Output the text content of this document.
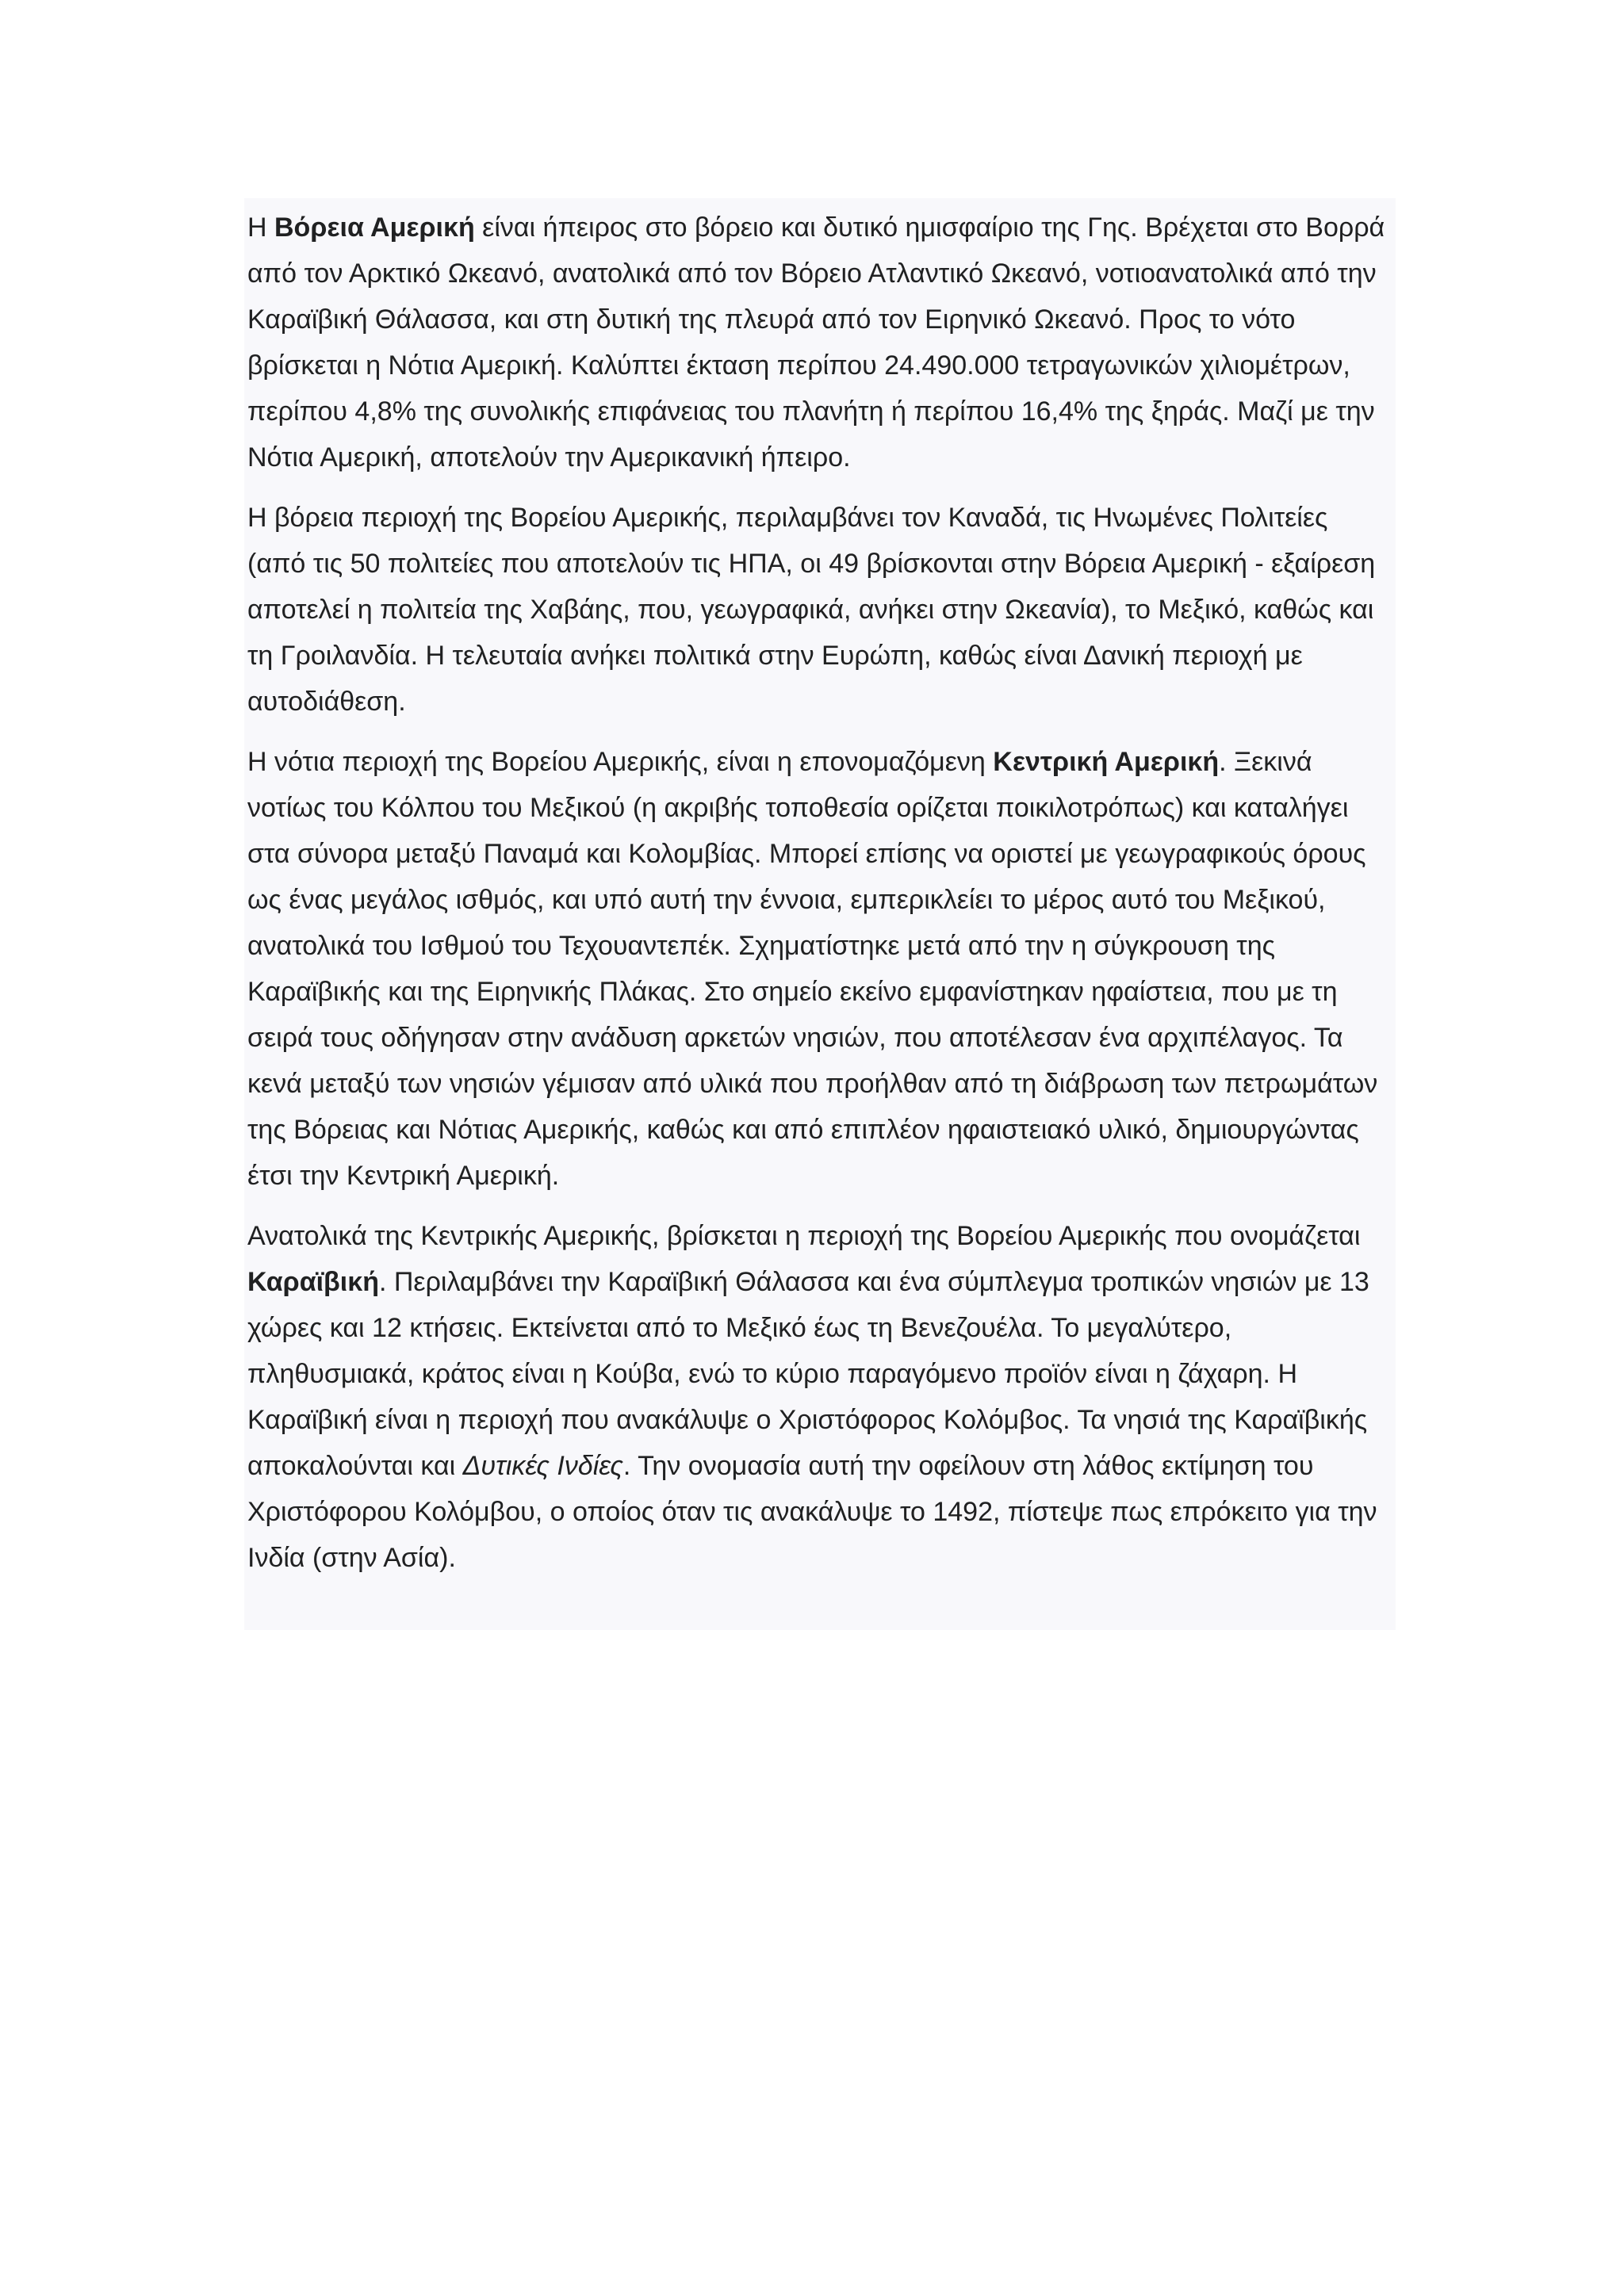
Η Βόρεια Αμερική είναι ήπειρος στο βόρειο και δυτικό ημισφαίριο της Γης. Βρέχεται στο Βορρά από τον Αρκτικό Ωκεανό, ανατολικά από τον Βόρειο Ατλαντικό Ωκεανό, νοτιοανατολικά από την Καραϊβική Θάλασσα, και στη δυτική της πλευρά από τον Ειρηνικό Ωκεανό. Προς το νότο βρίσκεται η Νότια Αμερική. Καλύπτει έκταση περίπου 24.490.000 τετραγωνικών χιλιομέτρων, περίπου 4,8% της συνολικής επιφάνειας του πλανήτη ή περίπου 16,4% της ξηράς. Μαζί με την Νότια Αμερική, αποτελούν την Αμερικανική ήπειρο.

Η βόρεια περιοχή της Βορείου Αμερικής, περιλαμβάνει τον Καναδά, τις Ηνωμένες Πολιτείες (από τις 50 πολιτείες που αποτελούν τις ΗΠΑ, οι 49 βρίσκονται στην Βόρεια Αμερική - εξαίρεση αποτελεί η πολιτεία της Χαβάης, που, γεωγραφικά, ανήκει στην Ωκεανία), το Μεξικό, καθώς και τη Γροιλανδία. Η τελευταία ανήκει πολιτικά στην Ευρώπη, καθώς είναι Δανική περιοχή με αυτοδιάθεση.

Η νότια περιοχή της Βορείου Αμερικής, είναι η επονομαζόμενη Κεντρική Αμερική. Ξεκινά νοτίως του Κόλπου του Μεξικού (η ακριβής τοποθεσία ορίζεται ποικιλοτρόπως) και καταλήγει στα σύνορα μεταξύ Παναμά και Κολομβίας. Μπορεί επίσης να οριστεί με γεωγραφικούς όρους ως ένας μεγάλος ισθμός, και υπό αυτή την έννοια, εμπερικλείει το μέρος αυτό του Μεξικού, ανατολικά του Ισθμού του Τεχουαντεπέκ. Σχηματίστηκε μετά από την η σύγκρουση της Καραϊβικής και της Ειρηνικής Πλάκας. Στο σημείο εκείνο εμφανίστηκαν ηφαίστεια, που με τη σειρά τους οδήγησαν στην ανάδυση αρκετών νησιών, που αποτέλεσαν ένα αρχιπέλαγος. Τα κενά μεταξύ των νησιών γέμισαν από υλικά που προήλθαν από τη διάβρωση των πετρωμάτων της Βόρειας και Νότιας Αμερικής, καθώς και από επιπλέον ηφαιστειακό υλικό, δημιουργώντας έτσι την Κεντρική Αμερική.

Ανατολικά της Κεντρικής Αμερικής, βρίσκεται η περιοχή της Βορείου Αμερικής που ονομάζεται Καραϊβική. Περιλαμβάνει την Καραϊβική Θάλασσα και ένα σύμπλεγμα τροπικών νησιών με 13 χώρες και 12 κτήσεις. Εκτείνεται από το Μεξικό έως τη Βενεζουέλα. Το μεγαλύτερο, πληθυσμιακά, κράτος είναι η Κούβα, ενώ το κύριο παραγόμενο προϊόν είναι η ζάχαρη. Η Καραϊβική είναι η περιοχή που ανακάλυψε ο Χριστόφορος Κολόμβος. Τα νησιά της Καραϊβικής αποκαλούνται και Δυτικές Ινδίες. Την ονομασία αυτή την οφείλουν στη λάθος εκτίμηση του Χριστόφορου Κολόμβου, ο οποίος όταν τις ανακάλυψε το 1492, πίστεψε πως επρόκειτο για την Ινδία (στην Ασία).
